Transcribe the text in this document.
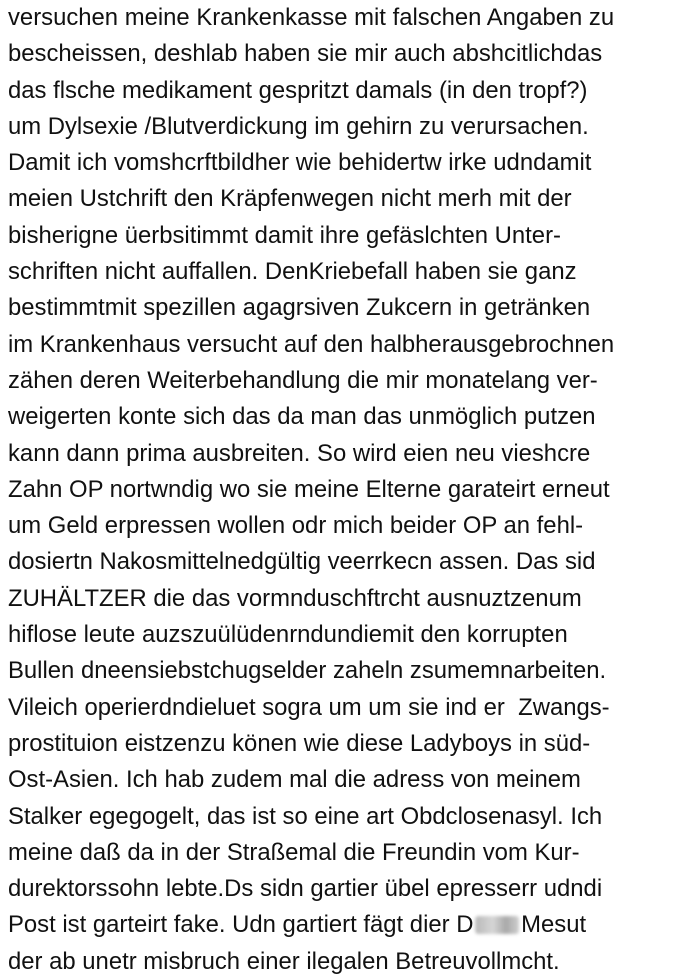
versuchen meine Krankenkasse mit falschen Angaben zu
bescheissen, deshlab haben sie mir auch abshcitlichdas
das flsche medikament gespritzt damals (in den tropf?)
um Dylsexie /Blutverdickung im gehirn zu verursachen.
Damit ich vomshcrftbildher wie behidertw irke udndamit
meien Ustchrift den Kräpfenwegen nicht merh mit der
bisherigne üerbsitimmt damit ihre gefäslchten Unter-
schriften nicht auffallen. DenKriebefall haben sie ganz
bestimmtmit spezillen agagrsiven Zukcern in getränken
im Krankenhaus versucht auf den halbherausgebrochnen
zähen deren Weiterbehandlung die mir monatelang ver-
weigerten konte sich das da man das unmöglich putzen
kann dann prima ausbreiten. So wird eien neu vieshcre
Zahn OP nortwndig wo sie meine Elterne garateirt erneut
um Geld erpressen wollen odr mich beider OP an fehl-
dosiertn Nakosmittelnedgültig veerrkecn assen. Das sid
ZUHÄLTZER die das vormnduschftrcht ausnuztzenum
hiflose leute auzszuülüdenrndundiemit den korrupten
Bullen dneensiebstchugselder zaheln zsumemnarbeiten.
Vileich operierdndieluet sogra um um sie ind er  Zwangs-
prostituion eistzenzu könen wie diese Ladyboys in süd-
Ost-Asien. Ich hab zudem mal die adress von meinem
Stalker egegogelt, das ist so eine art Obdclosenasyl. Ich
meine daß da in der Straßemal die Freundin vom Kur-
durektorssohn lebte.Ds sidn gartier übel epresserr udndi
Post ist garteirt fake. Udn gartiert fägt dier D Mesut
der ab unetr misbruch einer ilegalen Betreuvollmcht.
